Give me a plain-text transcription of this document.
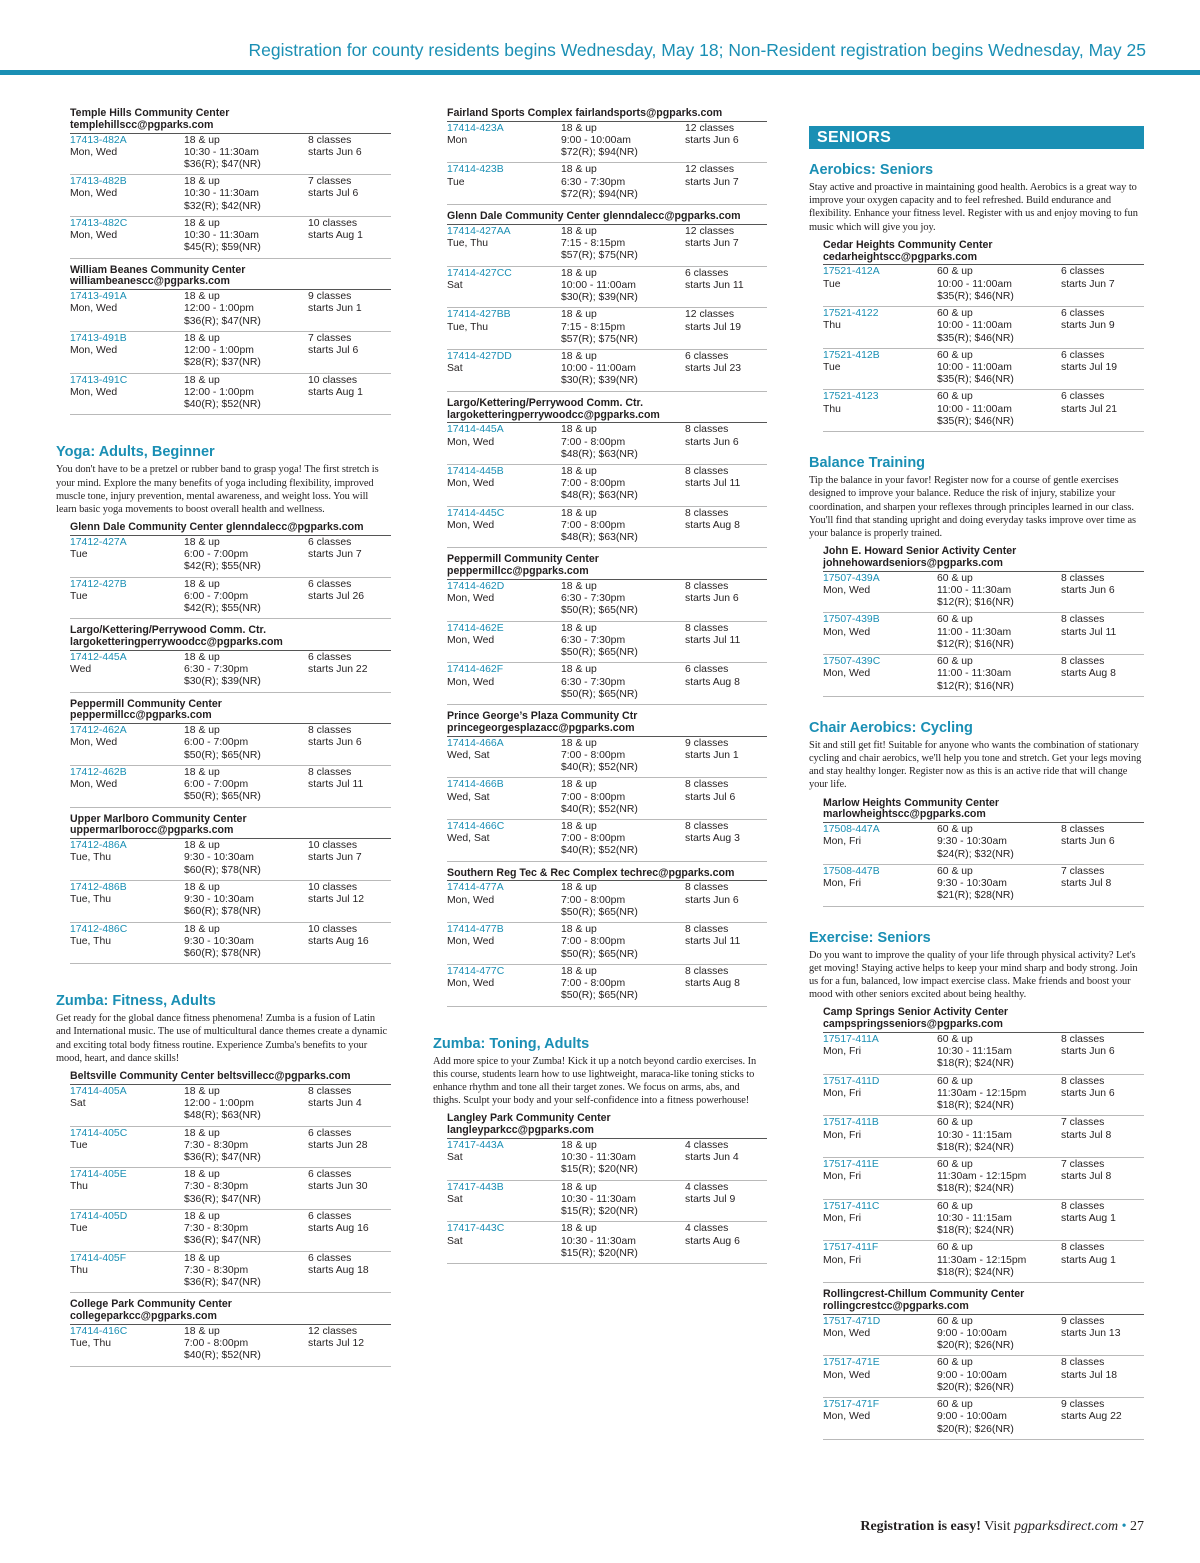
Registration for county residents begins Wednesday, May 18; Non-Resident registration begins Wednesday, May 25
Temple Hills Community Center
templehillscc@pgparks.com
17413-482A
Mon, Wed
18 & up
10:30 - 11:30am
$36(R); $47(NR)
8 classes
starts Jun 6
17413-482B
Mon, Wed
18 & up
10:30 - 11:30am
$32(R); $42(NR)
7 classes
starts Jul 6
17413-482C
Mon, Wed
18 & up
10:30 - 11:30am
$45(R); $59(NR)
10 classes
starts Aug 1
William Beanes Community Center
williambeanescc@pgparks.com
17413-491A
Mon, Wed
18 & up
12:00 - 1:00pm
$36(R); $47(NR)
9 classes
starts Jun 1
17413-491B
Mon, Wed
18 & up
12:00 - 1:00pm
$28(R); $37(NR)
7 classes
starts Jul 6
17413-491C
Mon, Wed
18 & up
12:00 - 1:00pm
$40(R); $52(NR)
10 classes
starts Aug 1
Yoga: Adults, Beginner
You don't have to be a pretzel or rubber band to grasp yoga! The first stretch is your mind. Explore the many benefits of yoga including flexibility, improved muscle tone, injury prevention, mental awareness, and weight loss. You will learn basic yoga movements to boost overall health and wellness.
Glenn Dale Community Center glenndalecc@pgparks.com
17412-427A
Tue
18 & up
6:00 - 7:00pm
$42(R); $55(NR)
6 classes
starts Jun 7
17412-427B
Tue
18 & up
6:00 - 7:00pm
$42(R); $55(NR)
6 classes
starts Jul 26
Largo/Kettering/Perrywood Comm. Ctr.
largoketteringperrywoodcc@pgparks.com
17412-445A
Wed
18 & up
6:30 - 7:30pm
$30(R); $39(NR)
6 classes
starts Jun 22
Peppermill Community Center
peppermillcc@pgparks.com
17412-462A
Mon, Wed
18 & up
6:00 - 7:00pm
$50(R); $65(NR)
8 classes
starts Jun 6
17412-462B
Mon, Wed
18 & up
6:00 - 7:00pm
$50(R); $65(NR)
8 classes
starts Jul 11
Upper Marlboro Community Center
uppermarlborocc@pgparks.com
17412-486A
Tue, Thu
18 & up
9:30 - 10:30am
$60(R); $78(NR)
10 classes
starts Jun 7
17412-486B
Tue, Thu
18 & up
9:30 - 10:30am
$60(R); $78(NR)
10 classes
starts Jul 12
17412-486C
Tue, Thu
18 & up
9:30 - 10:30am
$60(R); $78(NR)
10 classes
starts Aug 16
Zumba: Fitness, Adults
Get ready for the global dance fitness phenomena! Zumba is a fusion of Latin and International music. The use of multicultural dance themes create a dynamic and exciting total body fitness routine. Experience Zumba's benefits to your mood, heart, and dance skills!
Beltsville Community Center beltsvillecc@pgparks.com
17414-405A
Sat
18 & up
12:00 - 1:00pm
$48(R); $63(NR)
8 classes
starts Jun 4
17414-405C
Tue
18 & up
7:30 - 8:30pm
$36(R); $47(NR)
6 classes
starts Jun 28
17414-405E
Thu
18 & up
7:30 - 8:30pm
$36(R); $47(NR)
6 classes
starts Jun 30
17414-405D
Tue
18 & up
7:30 - 8:30pm
$36(R); $47(NR)
6 classes
starts Aug 16
17414-405F
Thu
18 & up
7:30 - 8:30pm
$36(R); $47(NR)
6 classes
starts Aug 18
College Park Community Center
collegeparkcc@pgparks.com
17414-416C
Tue, Thu
18 & up
7:00 - 8:00pm
$40(R); $52(NR)
12 classes
starts Jul 12
Fairland Sports Complex fairlandsports@pgparks.com
17414-423A
Mon
18 & up
9:00 - 10:00am
$72(R); $94(NR)
12 classes
starts Jun 6
17414-423B
Tue
18 & up
6:30 - 7:30pm
$72(R); $94(NR)
12 classes
starts Jun 7
Glenn Dale Community Center glenndalecc@pgparks.com
17414-427AA
Tue, Thu
18 & up
7:15 - 8:15pm
$57(R); $75(NR)
12 classes
starts Jun 7
17414-427CC
Sat
18 & up
10:00 - 11:00am
$30(R); $39(NR)
6 classes
starts Jun 11
17414-427BB
Tue, Thu
18 & up
7:15 - 8:15pm
$57(R); $75(NR)
12 classes
starts Jul 19
17414-427DD
Sat
18 & up
10:00 - 11:00am
$30(R); $39(NR)
6 classes
starts Jul 23
Largo/Kettering/Perrywood Comm. Ctr.
largoketteringperrywoodcc@pgparks.com
17414-445A
Mon, Wed
18 & up
7:00 - 8:00pm
$48(R); $63(NR)
8 classes
starts Jun 6
17414-445B
Mon, Wed
18 & up
7:00 - 8:00pm
$48(R); $63(NR)
8 classes
starts Jul 11
17414-445C
Mon, Wed
18 & up
7:00 - 8:00pm
$48(R); $63(NR)
8 classes
starts Aug 8
Peppermill Community Center
peppermillcc@pgparks.com
17414-462D
Mon, Wed
18 & up
6:30 - 7:30pm
$50(R); $65(NR)
8 classes
starts Jun 6
17414-462E
Mon, Wed
18 & up
6:30 - 7:30pm
$50(R); $65(NR)
8 classes
starts Jul 11
17414-462F
Mon, Wed
18 & up
6:30 - 7:30pm
$50(R); $65(NR)
6 classes
starts Aug 8
Prince George’s Plaza Community Ctr
princegeorgesplazacc@pgparks.com
17414-466A
Wed, Sat
18 & up
7:00 - 8:00pm
$40(R); $52(NR)
9 classes
starts Jun 1
17414-466B
Wed, Sat
18 & up
7:00 - 8:00pm
$40(R); $52(NR)
8 classes
starts Jul 6
17414-466C
Wed, Sat
18 & up
7:00 - 8:00pm
$40(R); $52(NR)
8 classes
starts Aug 3
Southern Reg Tec & Rec Complex techrec@pgparks.com
17414-477A
Mon, Wed
18 & up
7:00 - 8:00pm
$50(R); $65(NR)
8 classes
starts Jun 6
17414-477B
Mon, Wed
18 & up
7:00 - 8:00pm
$50(R); $65(NR)
8 classes
starts Jul 11
17414-477C
Mon, Wed
18 & up
7:00 - 8:00pm
$50(R); $65(NR)
8 classes
starts Aug 8
Zumba: Toning, Adults
Add more spice to your Zumba! Kick it up a notch beyond cardio exercises. In this course, students learn how to use lightweight, maraca-like toning sticks to enhance rhythm and tone all their target zones. We focus on arms, abs, and thighs. Sculpt your body and your self-confidence into a fitness powerhouse!
Langley Park Community Center
langleyparkcc@pgparks.com
17417-443A
Sat
18 & up
10:30 - 11:30am
$15(R); $20(NR)
4 classes
starts Jun 4
17417-443B
Sat
18 & up
10:30 - 11:30am
$15(R); $20(NR)
4 classes
starts Jul 9
17417-443C
Sat
18 & up
10:30 - 11:30am
$15(R); $20(NR)
4 classes
starts Aug 6
SENIORS
Aerobics: Seniors
Stay active and proactive in maintaining good health. Aerobics is a great way to improve your oxygen capacity and to feel refreshed. Build endurance and flexibility. Enhance your fitness level. Register with us and enjoy moving to fun music which will give you joy.
Cedar Heights Community Center
cedarheightscc@pgparks.com
17521-412A
Tue
60 & up
10:00 - 11:00am
$35(R); $46(NR)
6 classes
starts Jun 7
17521-4122
Thu
60 & up
10:00 - 11:00am
$35(R); $46(NR)
6 classes
starts Jun 9
17521-412B
Tue
60 & up
10:00 - 11:00am
$35(R); $46(NR)
6 classes
starts Jul 19
17521-4123
Thu
60 & up
10:00 - 11:00am
$35(R); $46(NR)
6 classes
starts Jul 21
Balance Training
Tip the balance in your favor! Register now for a course of gentle exercises designed to improve your balance. Reduce the risk of injury, stabilize your coordination, and sharpen your reflexes through principles learned in our class. You'll find that standing upright and doing everyday tasks improve over time as your balance is properly trained.
John E. Howard Senior Activity Center
johnehowardseniors@pgparks.com
17507-439A
Mon, Wed
60 & up
11:00 - 11:30am
$12(R); $16(NR)
8 classes
starts Jun 6
17507-439B
Mon, Wed
60 & up
11:00 - 11:30am
$12(R); $16(NR)
8 classes
starts Jul 11
17507-439C
Mon, Wed
60 & up
11:00 - 11:30am
$12(R); $16(NR)
8 classes
starts Aug 8
Chair Aerobics: Cycling
Sit and still get fit! Suitable for anyone who wants the combination of stationary cycling and chair aerobics, we'll help you tone and stretch. Get your legs moving and stay healthy longer. Register now as this is an active ride that will change your life.
Marlow Heights Community Center
marlowheightscc@pgparks.com
17508-447A
Mon, Fri
60 & up
9:30 - 10:30am
$24(R); $32(NR)
8 classes
starts Jun 6
17508-447B
Mon, Fri
60 & up
9:30 - 10:30am
$21(R); $28(NR)
7 classes
starts Jul 8
Exercise: Seniors
Do you want to improve the quality of your life through physical activity? Let's get moving! Staying active helps to keep your mind sharp and body strong. Join us for a fun, balanced, low impact exercise class. Make friends and boost your mood with other seniors excited about being healthy.
Camp Springs Senior Activity Center
campspringsseniors@pgparks.com
17517-411A
Mon, Fri
60 & up
10:30 - 11:15am
$18(R); $24(NR)
8 classes
starts Jun 6
17517-411D
Mon, Fri
60 & up
11:30am - 12:15pm
$18(R); $24(NR)
8 classes
starts Jun 6
17517-411B
Mon, Fri
60 & up
10:30 - 11:15am
$18(R); $24(NR)
7 classes
starts Jul 8
17517-411E
Mon, Fri
60 & up
11:30am - 12:15pm
$18(R); $24(NR)
7 classes
starts Jul 8
17517-411C
Mon, Fri
60 & up
10:30 - 11:15am
$18(R); $24(NR)
8 classes
starts Aug 1
17517-411F
Mon, Fri
60 & up
11:30am - 12:15pm
$18(R); $24(NR)
8 classes
starts Aug 1
Rollingcrest-Chillum Community Center
rollingcrestcc@pgparks.com
17517-471D
Mon, Wed
60 & up
9:00 - 10:00am
$20(R); $26(NR)
9 classes
starts Jun 13
17517-471E
Mon, Wed
60 & up
9:00 - 10:00am
$20(R); $26(NR)
8 classes
starts Jul 18
17517-471F
Mon, Wed
60 & up
9:00 - 10:00am
$20(R); $26(NR)
9 classes
starts Aug 22
Registration is easy! Visit pgparksdirect.com • 27
